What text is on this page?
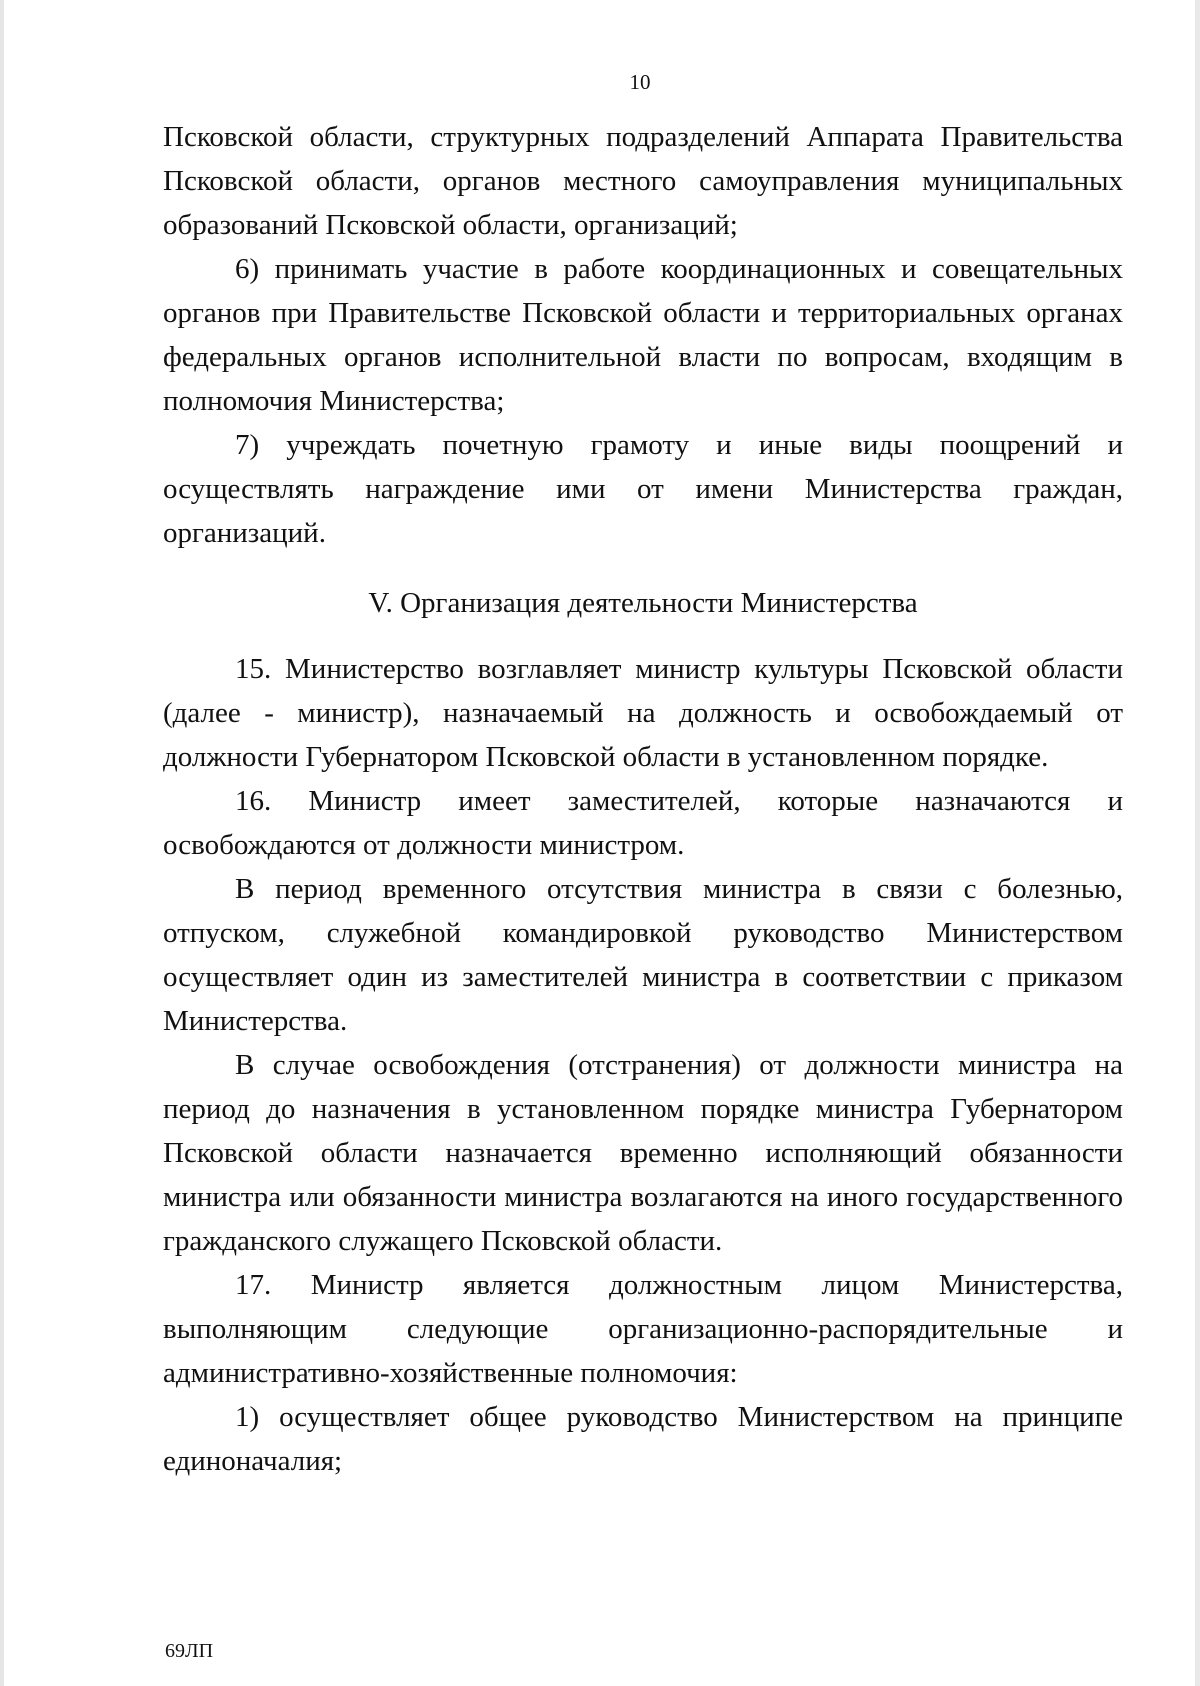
10

Псковской области, структурных подразделений Аппарата Правительства Псковской области, органов местного самоуправления муниципальных образований Псковской области, организаций;

6) принимать участие в работе координационных и совещательных органов при Правительстве Псковской области и территориальных органах федеральных органов исполнительной власти по вопросам, входящим в полномочия Министерства;

7) учреждать почетную грамоту и иные виды поощрений и осуществлять награждение ими от имени Министерства граждан, организаций.

V. Организация деятельности Министерства

15. Министерство возглавляет министр культуры Псковской области (далее - министр), назначаемый на должность и освобождаемый от должности Губернатором Псковской области в установленном порядке.

16. Министр имеет заместителей, которые назначаются и освобождаются от должности министром.

В период временного отсутствия министра в связи с болезнью, отпуском, служебной командировкой руководство Министерством осуществляет один из заместителей министра в соответствии с приказом Министерства.

В случае освобождения (отстранения) от должности министра на период до назначения в установленном порядке министра Губернатором Псковской области назначается временно исполняющий обязанности министра или обязанности министра возлагаются на иного государственного гражданского служащего Псковской области.

17. Министр является должностным лицом Министерства, выполняющим следующие организационно-распорядительные и административно-хозяйственные полномочия:

1) осуществляет общее руководство Министерством на принципе единоначалия;

69ЛП
